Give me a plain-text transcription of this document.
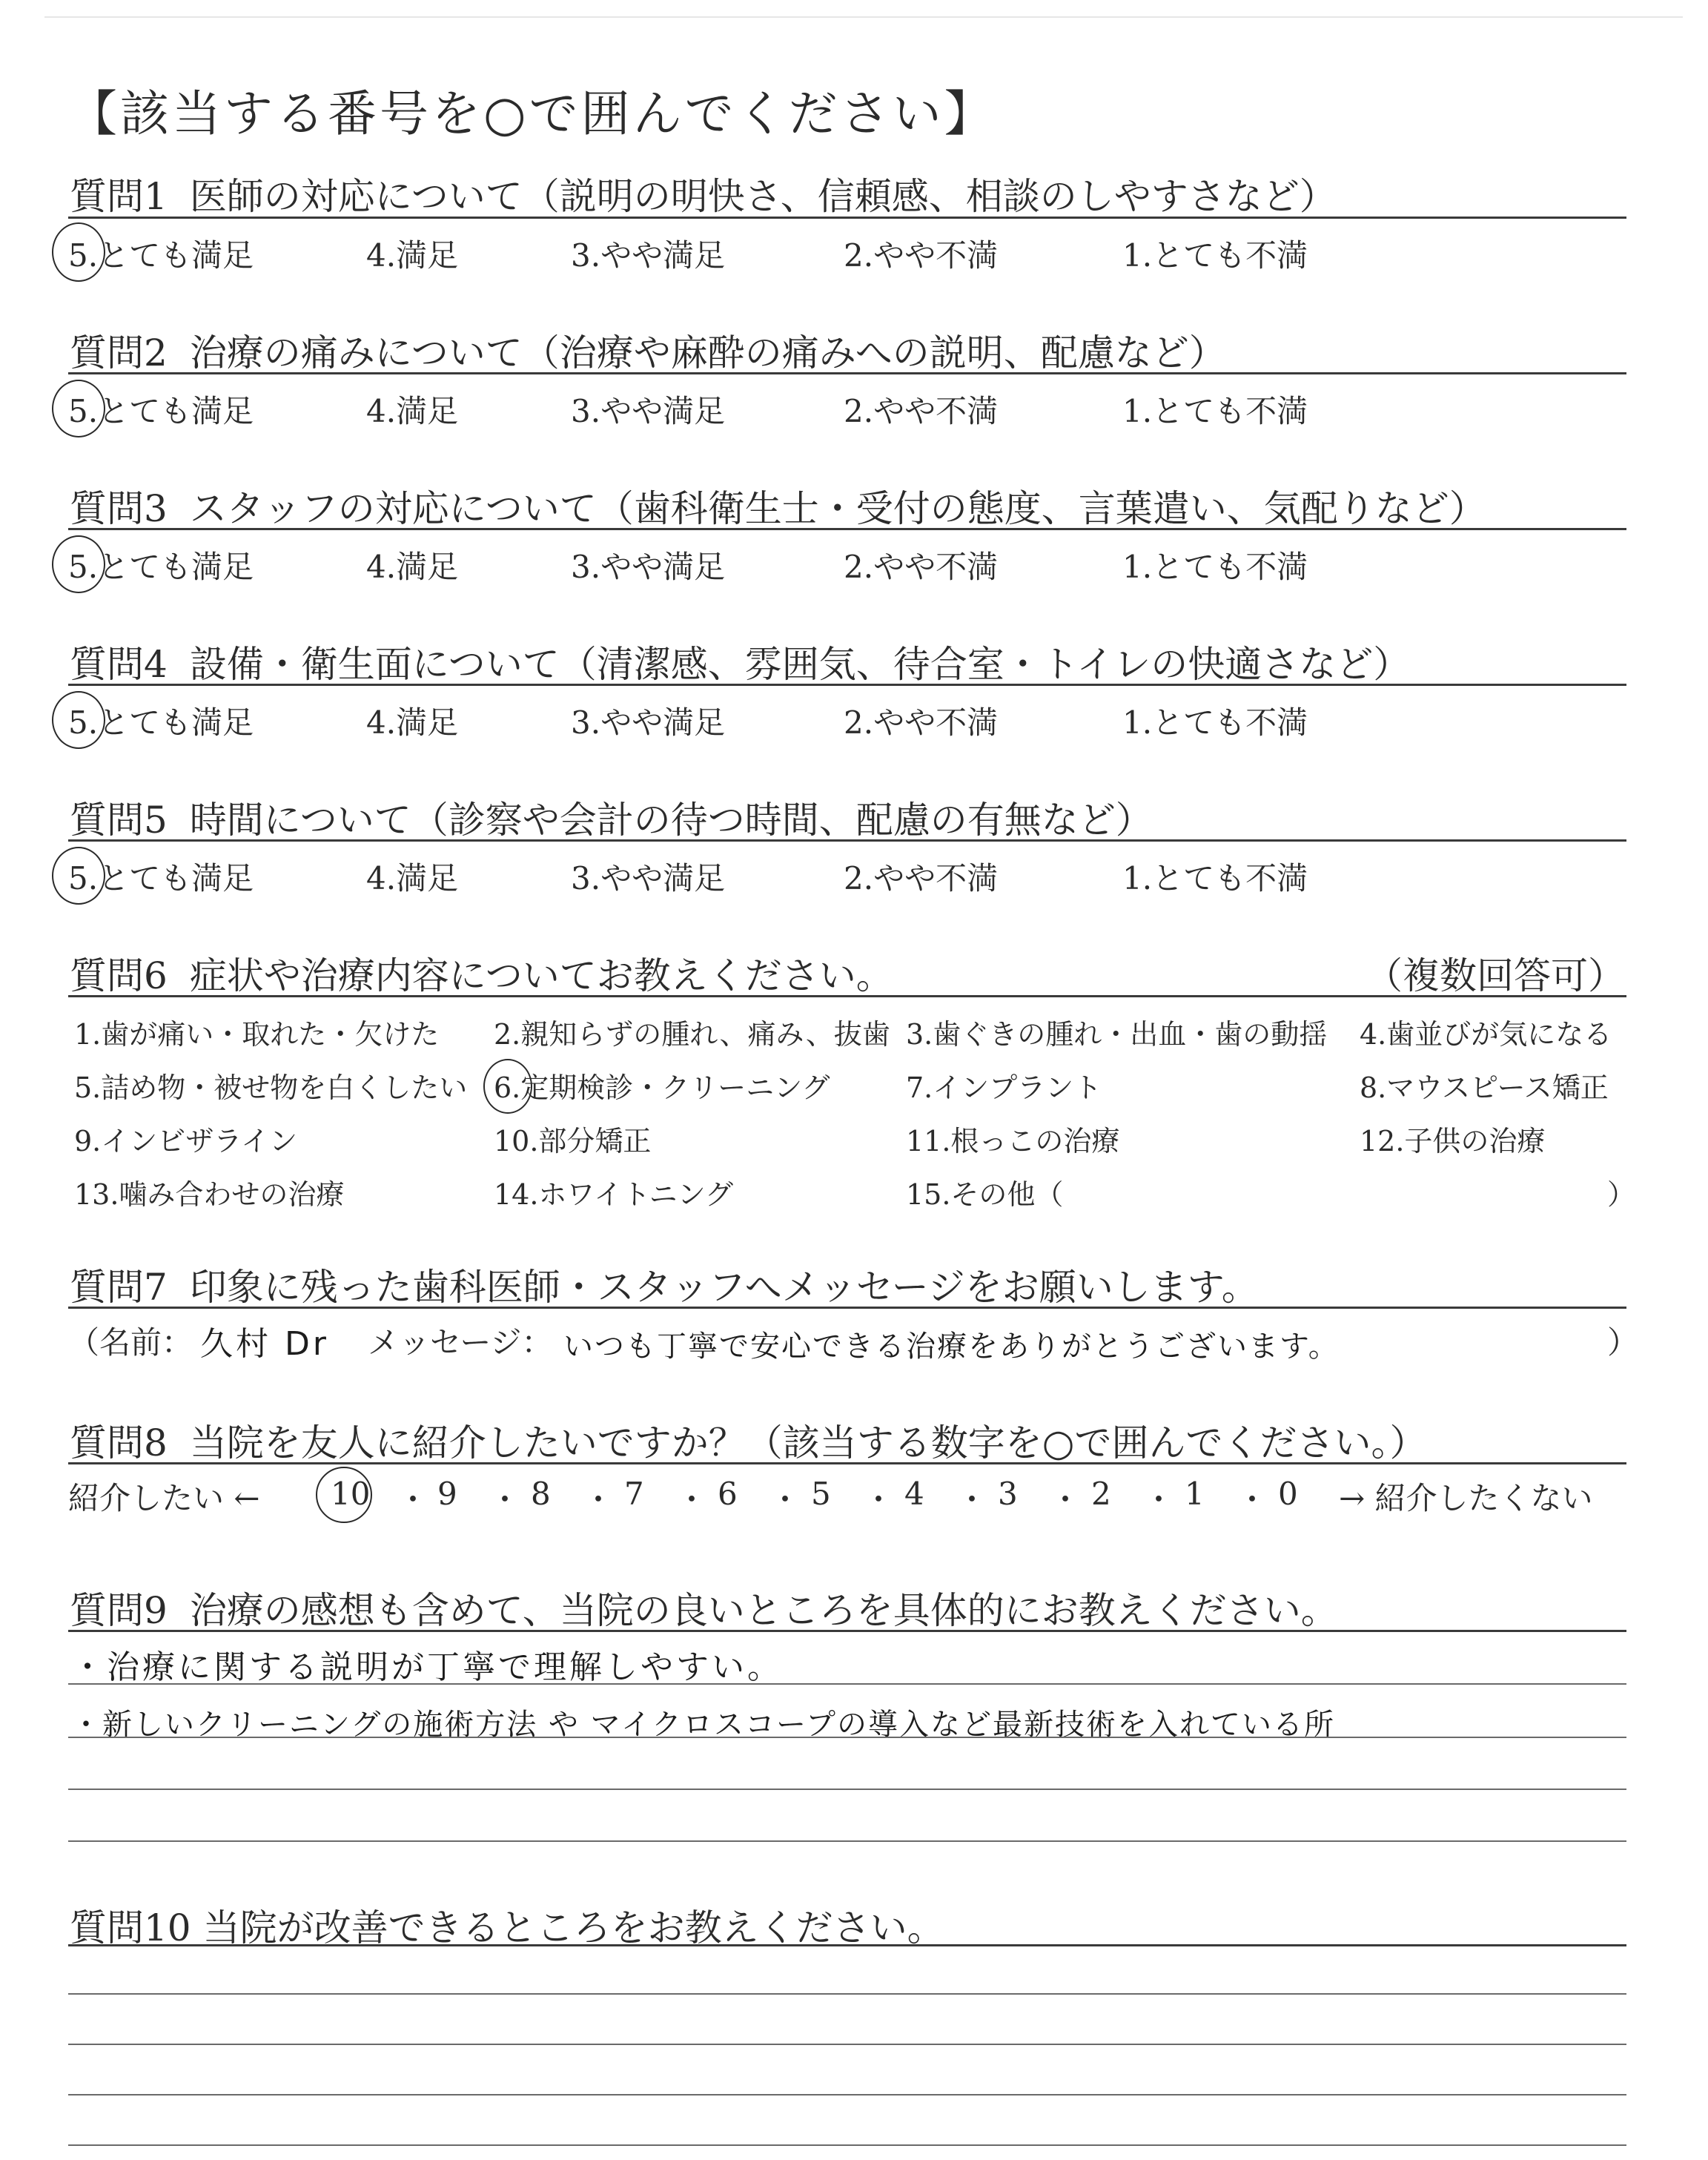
【該当する番号を○で囲んでください】
質問1 医師の対応について（説明の明快さ、信頼感、相談のしやすさなど）
5.とても満足	4.満足	3.やや満足	2.やや不満	1.とても不満
質問2 治療の痛みについて（治療や麻酔の痛みへの説明、配慮など）
5.とても満足	4.満足	3.やや満足	2.やや不満	1.とても不満
質問3 スタッフの対応について（歯科衛生士・受付の態度、言葉遣い、気配りなど）
5.とても満足	4.満足	3.やや満足	2.やや不満	1.とても不満
質問4 設備・衛生面について（清潔感、雰囲気、待合室・トイレの快適さなど）
5.とても満足	4.満足	3.やや満足	2.やや不満	1.とても不満
質問5 時間について（診察や会計の待つ時間、配慮の有無など）
5.とても満足	4.満足	3.やや満足	2.やや不満	1.とても不満
質問6 症状や治療内容についてお教えください。	（複数回答可）
1.歯が痛い・取れた・欠けた 2.親知らずの腫れ、痛み、抜歯 3.歯ぐきの腫れ・出血・歯の動揺 4.歯並びが気になる
5.詰め物・被せ物を白くしたい 6.定期検診・クリーニング	7.インプラント	8.マウスピース矯正
9.インビザライン	10.部分矯正	11.根っこの治療	12.子供の治療
13.噛み合わせの治療	14.ホワイトニング	15.その他（	）
質問7 印象に残った歯科医師・スタッフへメッセージをお願いします。
（名前： 久村 Dr メッセージ： いつも丁寧で安心できる治療をありがとうございます。	）
質問8 当院を友人に紹介したいですか？（該当する数字を○で囲んでください。）
紹介したい ← 10 ・ 9 ・ 8 ・ 7 ・ 6 ・ 5 ・ 4 ・ 3 ・ 2 ・ 1 ・ 0 → 紹介したくない
質問9 治療の感想も含めて、当院の良いところを具体的にお教えください。
・治療に関する説明が丁寧で理解しやすい。
・新しいクリーニングの施術方法 や マイクロスコープの導入など最新技術を入れている所
質問10 当院が改善できるところをお教えください。
